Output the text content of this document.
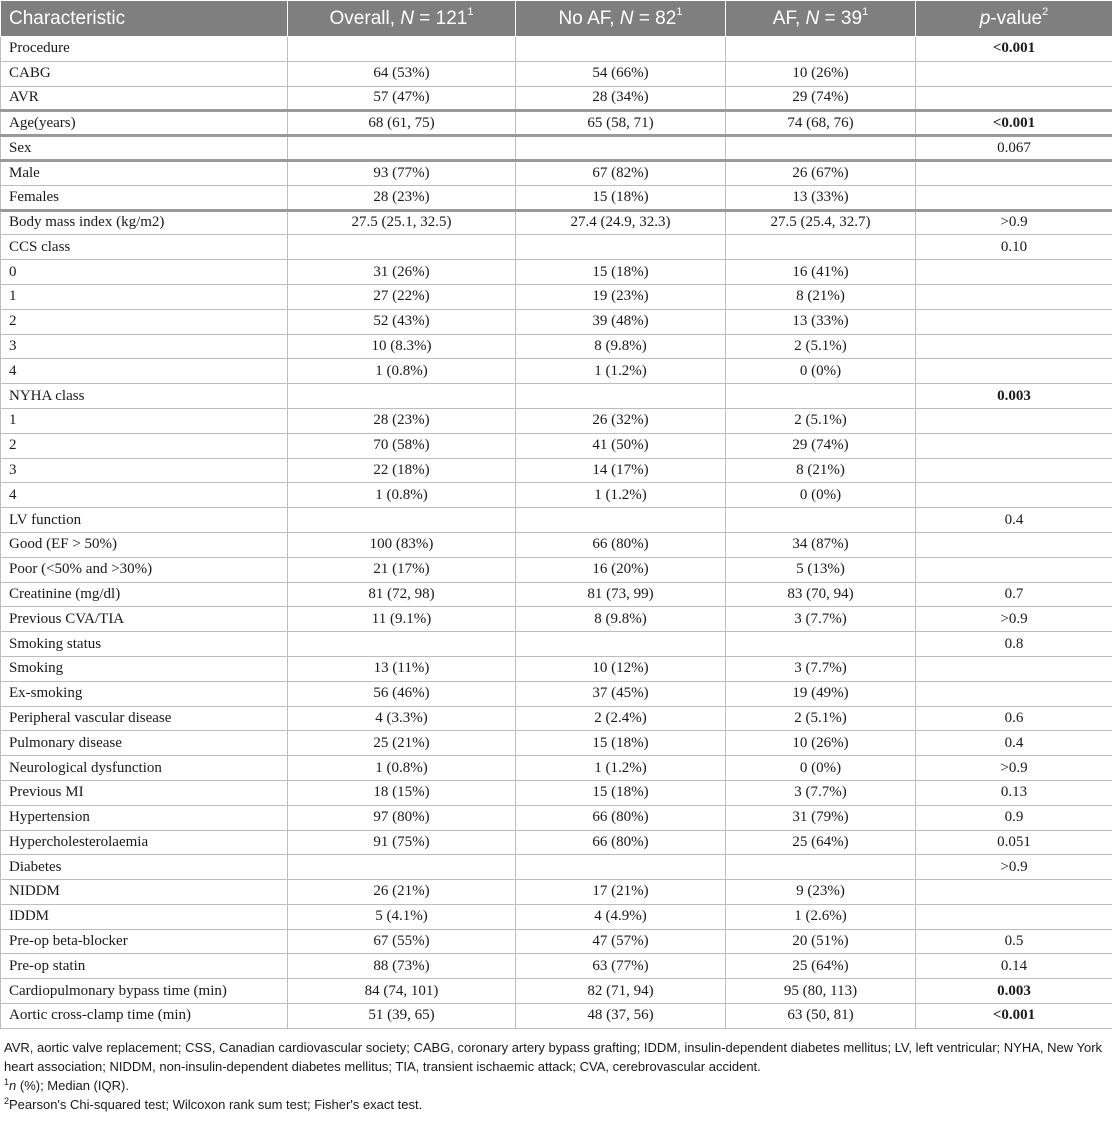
Characteristic	Overall, $N = 121^1$	No AF, $N = 82^1$	AF, $N = 39^1$	p-value$^2$
Procedure				<0.001
CABG	64 (53%)	54 (66%)	10 (26%)	
AVR	57 (47%)	28 (34%)	29 (74%)	
Age(years)	68 (61, 75)	65 (58, 71)	74 (68, 76)	<0.001
Sex				0.067
Male	93 (77%)	67 (82%)	26 (67%)	
Females	28 (23%)	15 (18%)	13 (33%)	
Body mass index (kg/m2)	27.5 (25.1, 32.5)	27.4 (24.9, 32.3)	27.5 (25.4, 32.7)	>0.9
CCS class				0.10
0	31 (26%)	15 (18%)	16 (41%)	
1	27 (22%)	19 (23%)	8 (21%)	
2	52 (43%)	39 (48%)	13 (33%)	
3	10 (8.3%)	8 (9.8%)	2 (5.1%)	
4	1 (0.8%)	1 (1.2%)	0 (0%)	
NYHA class				0.003
1	28 (23%)	26 (32%)	2 (5.1%)	
2	70 (58%)	41 (50%)	29 (74%)	
3	22 (18%)	14 (17%)	8 (21%)	
4	1 (0.8%)	1 (1.2%)	0 (0%)	
LV function				0.4
Good (EF > 50%)	100 (83%)	66 (80%)	34 (87%)	
Poor (<50% and >30%)	21 (17%)	16 (20%)	5 (13%)	
Creatinine (mg/dl)	81 (72, 98)	81 (73, 99)	83 (70, 94)	0.7
Previous CVA/TIA	11 (9.1%)	8 (9.8%)	3 (7.7%)	>0.9
Smoking status				0.8
Smoking	13 (11%)	10 (12%)	3 (7.7%)	
Ex-smoking	56 (46%)	37 (45%)	19 (49%)	
Peripheral vascular disease	4 (3.3%)	2 (2.4%)	2 (5.1%)	0.6
Pulmonary disease	25 (21%)	15 (18%)	10 (26%)	0.4
Neurological dysfunction	1 (0.8%)	1 (1.2%)	0 (0%)	>0.9
Previous MI	18 (15%)	15 (18%)	3 (7.7%)	0.13
Hypertension	97 (80%)	66 (80%)	31 (79%)	0.9
Hypercholesterolaemia	91 (75%)	66 (80%)	25 (64%)	0.051
Diabetes				>0.9
NIDDM	26 (21%)	17 (21%)	9 (23%)	
IDDM	5 (4.1%)	4 (4.9%)	1 (2.6%)	
Pre-op beta-blocker	67 (55%)	47 (57%)	20 (51%)	0.5
Pre-op statin	88 (73%)	63 (77%)	25 (64%)	0.14
Cardiopulmonary bypass time (min)	84 (74, 101)	82 (71, 94)	95 (80, 113)	0.003
Aortic cross-clamp time (min)	51 (39, 65)	48 (37, 56)	63 (50, 81)	<0.001

AVR, aortic valve replacement; CSS, Canadian cardiovascular society; CABG, coronary artery bypass grafting; IDDM, insulin-dependent diabetes mellitus; LV, left ventricular; NYHA, New York heart association; NIDDM, non-insulin-dependent diabetes mellitus; TIA, transient ischaemic attack; CVA, cerebrovascular accident.

$^1$n (%); Median (IQR).

$^2$Pearson's Chi-squared test; Wilcoxon rank sum test; Fisher's exact test.
